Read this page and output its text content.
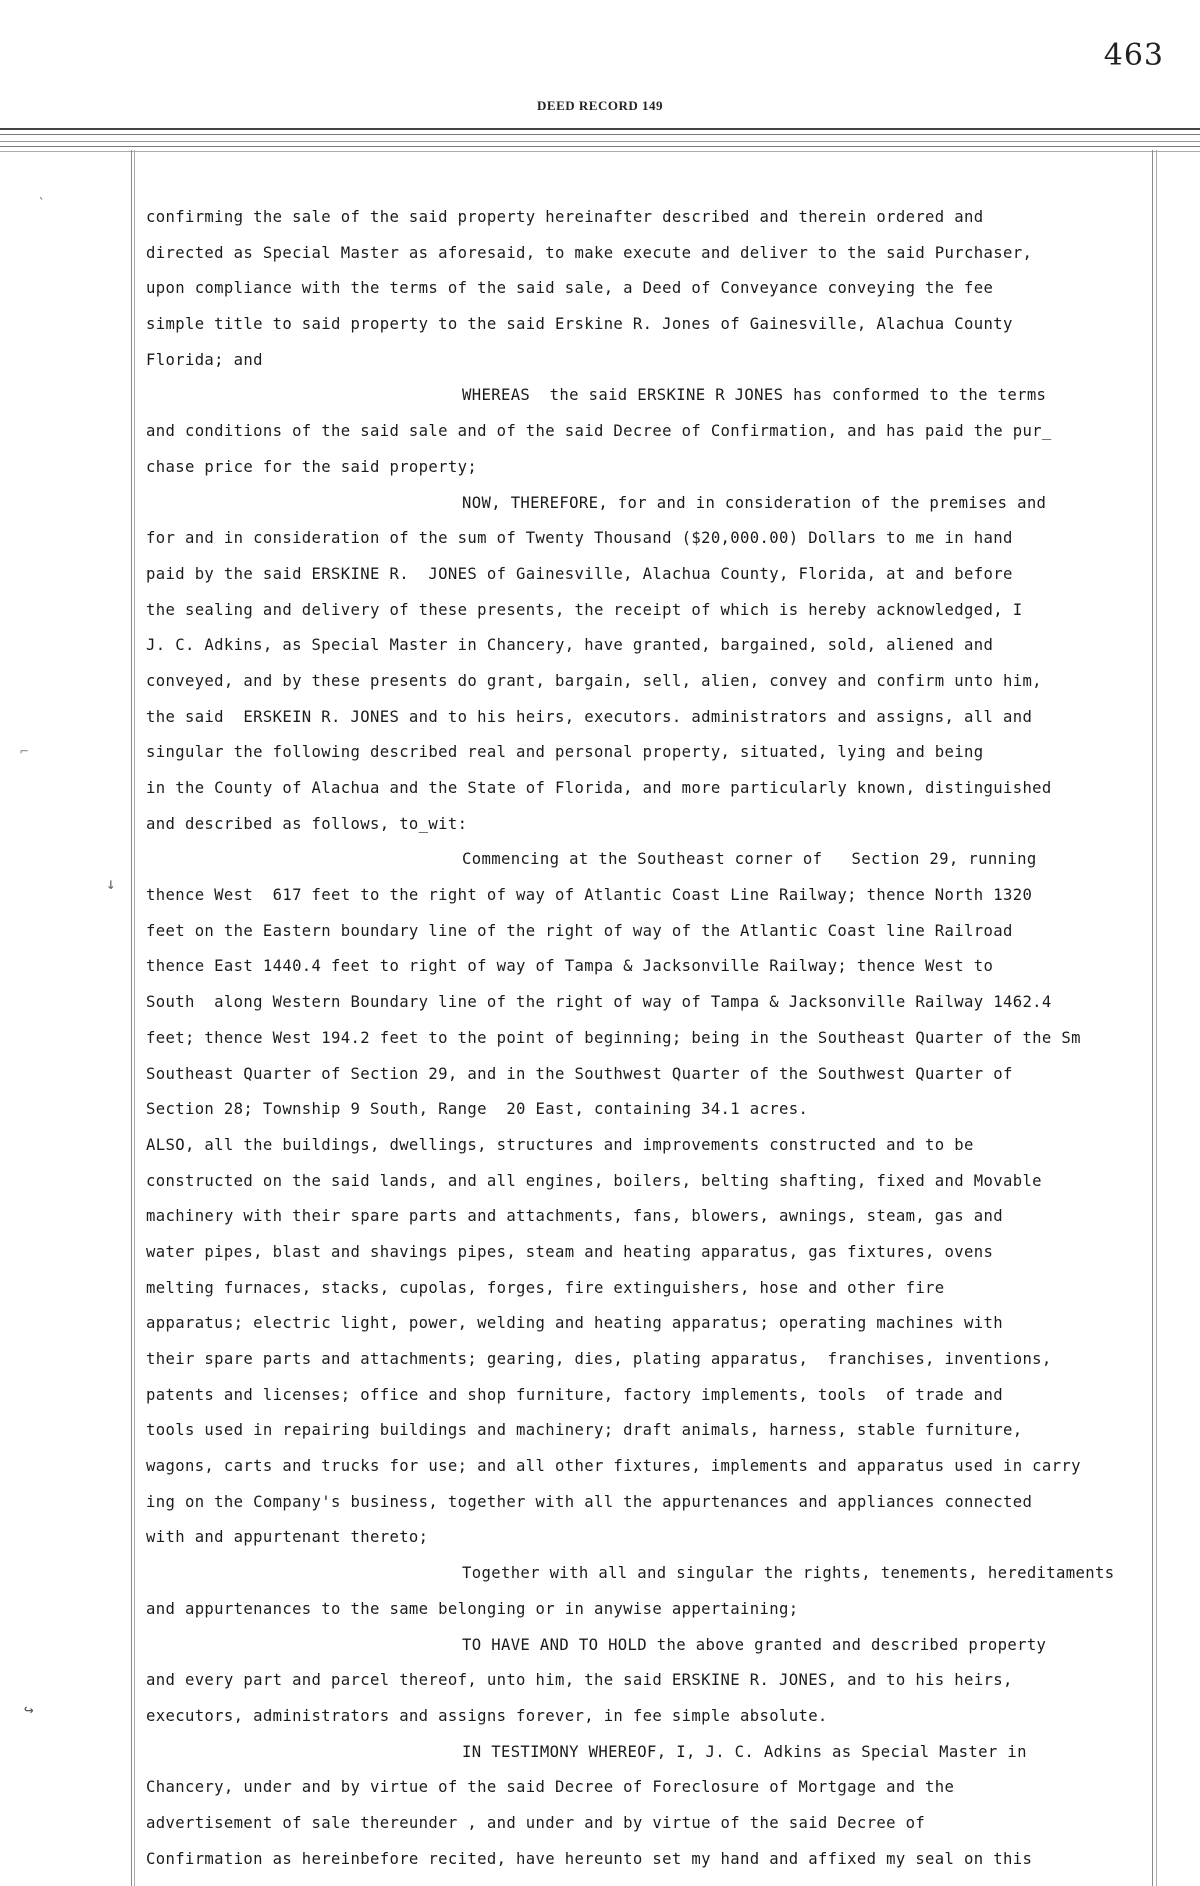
463
DEED RECORD 149
`
⌐
↓
↪
confirming the sale of the said property hereinafter described and therein ordered and
directed as Special Master as aforesaid, to make execute and deliver to the said Purchaser,
upon compliance with the terms of the said sale, a Deed of Conveyance conveying the fee
simple title to said property to the said Erskine R. Jones of Gainesville, Alachua County
Florida; and
WHEREAS  the said ERSKINE R JONES has conformed to the terms
and conditions of the said sale and of the said Decree of Confirmation, and has paid the pur_
chase price for the said property;
NOW, THEREFORE, for and in consideration of the premises and
for and in consideration of the sum of Twenty Thousand ($20,000.00) Dollars to me in hand
paid by the said ERSKINE R.  JONES of Gainesville, Alachua County, Florida, at and before
the sealing and delivery of these presents, the receipt of which is hereby acknowledged, I
J. C. Adkins, as Special Master in Chancery, have granted, bargained, sold, aliened and
conveyed, and by these presents do grant, bargain, sell, alien, convey and confirm unto him,
the said  ERSKEIN R. JONES and to his heirs, executors. administrators and assigns, all and
singular the following described real and personal property, situated, lying and being
in the County of Alachua and the State of Florida, and more particularly known, distinguished
and described as follows, to_wit:
Commencing at the Southeast corner of   Section 29, running
thence West  617 feet to the right of way of Atlantic Coast Line Railway; thence North 1320
feet on the Eastern boundary line of the right of way of the Atlantic Coast line Railroad
thence East 1440.4 feet to right of way of Tampa & Jacksonville Railway; thence West to
South  along Western Boundary line of the right of way of Tampa & Jacksonville Railway 1462.4
feet; thence West 194.2 feet to the point of beginning; being in the Southeast Quarter of the Sm
Southeast Quarter of Section 29, and in the Southwest Quarter of the Southwest Quarter of
Section 28; Township 9 South, Range  20 East, containing 34.1 acres.
ALSO, all the buildings, dwellings, structures and improvements constructed and to be
constructed on the said lands, and all engines, boilers, belting shafting, fixed and Movable
machinery with their spare parts and attachments, fans, blowers, awnings, steam, gas and
water pipes, blast and shavings pipes, steam and heating apparatus, gas fixtures, ovens
melting furnaces, stacks, cupolas, forges, fire extinguishers, hose and other fire
apparatus; electric light, power, welding and heating apparatus; operating machines with
their spare parts and attachments; gearing, dies, plating apparatus,  franchises, inventions,
patents and licenses; office and shop furniture, factory implements, tools  of trade and
tools used in repairing buildings and machinery; draft animals, harness, stable furniture,
wagons, carts and trucks for use; and all other fixtures, implements and apparatus used in carry
ing on the Company's business, together with all the appurtenances and appliances connected
with and appurtenant thereto;
Together with all and singular the rights, tenements, hereditaments
and appurtenances to the same belonging or in anywise appertaining;
TO HAVE AND TO HOLD the above granted and described property
and every part and parcel thereof, unto him, the said ERSKINE R. JONES, and to his heirs,
executors, administrators and assigns forever, in fee simple absolute.
IN TESTIMONY WHEREOF, I, J. C. Adkins as Special Master in
Chancery, under and by virtue of the said Decree of Foreclosure of Mortgage and the
advertisement of sale thereunder , and under and by virtue of the said Decree of
Confirmation as hereinbefore recited, have hereunto set my hand and affixed my seal on this
